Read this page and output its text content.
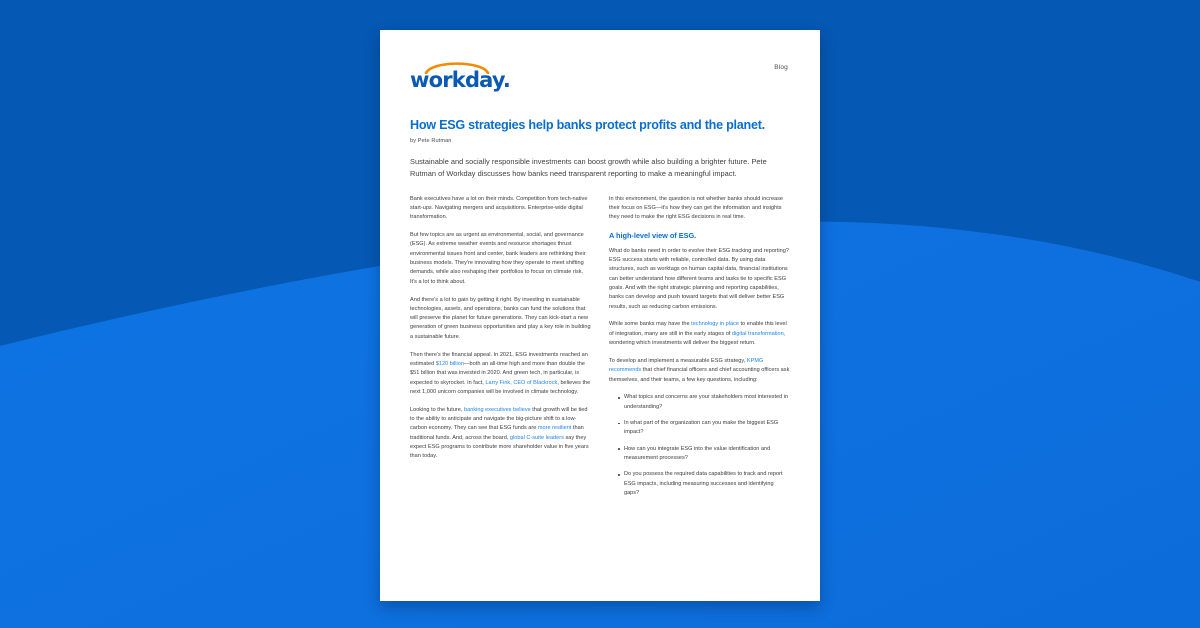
workday.
Blog
How ESG strategies help banks protect profits and the planet.
by Pete Rutman

Sustainable and socially responsible investments can boost growth while also building a brighter future. Pete Rutman of Workday discusses how banks need transparent reporting to make a meaningful impact.

Bank executives have a lot on their minds. Competition from tech-native start-ups. Navigating mergers and acquisitions. Enterprise-wide digital transformation.

But few topics are as urgent as environmental, social, and governance (ESG). As extreme weather events and resource shortages thrust environmental issues front and center, bank leaders are rethinking their business models. They're innovating how they operate to meet shifting demands, while also reshaping their portfolios to focus on climate risk. It's a lot to think about.

And there's a lot to gain by getting it right. By investing in sustainable technologies, assets, and operations, banks can fund the solutions that will preserve the planet for future generations. They can kick-start a new generation of green business opportunities and play a key role in building a sustainable future.

Then there's the financial appeal. In 2021, ESG investments reached an estimated $120 billion—both an all-time high and more than double the $51 billion that was invested in 2020. And green tech, in particular, is expected to skyrocket. In fact, Larry Fink, CEO of Blackrock, believes the next 1,000 unicorn companies will be involved in climate technology.

Looking to the future, banking executives believe that growth will be tied to the ability to anticipate and navigate the big-picture shift to a low-carbon economy. They can see that ESG funds are more resilient than traditional funds. And, across the board, global C-suite leaders say they expect ESG programs to contribute more shareholder value in five years than today.

In this environment, the question is not whether banks should increase their focus on ESG—it's how they can get the information and insights they need to make the right ESG decisions in real time.

A high-level view of ESG.

What do banks need in order to evolve their ESG tracking and reporting? ESG success starts with reliable, controlled data. By using data structures, such as worktags on human capital data, financial institutions can better understand how different teams and tasks tie to specific ESG goals. And with the right strategic planning and reporting capabilities, banks can develop and push toward targets that will deliver better ESG results, such as reducing carbon emissions.

While some banks may have the technology in place to enable this level of integration, many are still in the early stages of digital transformation, wondering which investments will deliver the biggest return.

To develop and implement a measurable ESG strategy, KPMG recommends that chief financial officers and chief accounting officers ask themselves, and their teams, a few key questions, including:

What topics and concerns are your stakeholders most interested in understanding?
In what part of the organization can you make the biggest ESG impact?
How can you integrate ESG into the value identification and measurement processes?
Do you possess the required data capabilities to track and report ESG impacts, including measuring successes and identifying gaps?
